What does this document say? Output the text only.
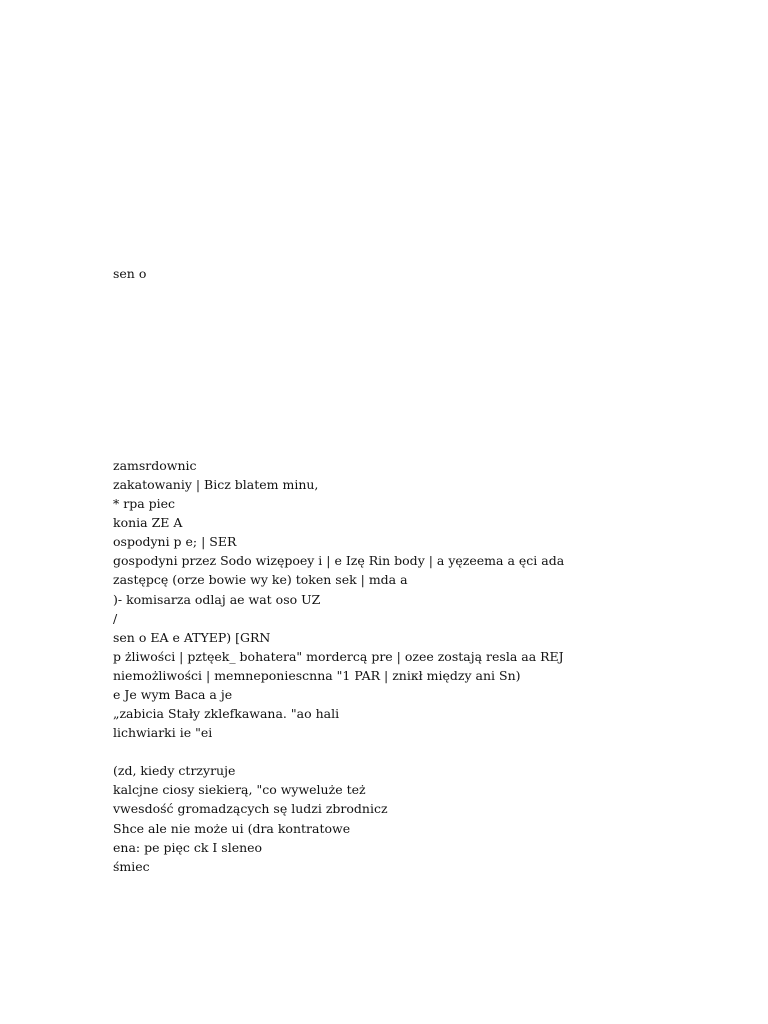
sen o

zamsrdownic

zakatowaniy | Bicz blatem minu,

* rpa piec

konia ZE A

ospodyni p e; | SER

gospodyni przez Sodo wizępoey i | e Izę Rin body | a yęzeema a ęci ada

zastępcę (orze bowie wy ke) token sek | mda a

)- komisarza odlaj ae wat oso UZ

/

sen o EA e ATYEP) [GRN

p żliwości | pztęek_ bohatera" mordercą pre | ozee zostają resla aa REJ

niemożliwości | memneponiescnna "1 PAR | zniкł między ani Sn)

e Je wym Baca a je

„zabicia Stały zklefkawana. "ao hali

lichwiarki ie "ei

(zd, kiedy ctrzyruje

kalcjne ciosy siekierą, "co wyweluże też

vwesdość gromadzących sę ludzi zbrodnicz

Shce ale nie może ui (dra kontratowe

ena: pe pięc ck I sleneo

śmiec
